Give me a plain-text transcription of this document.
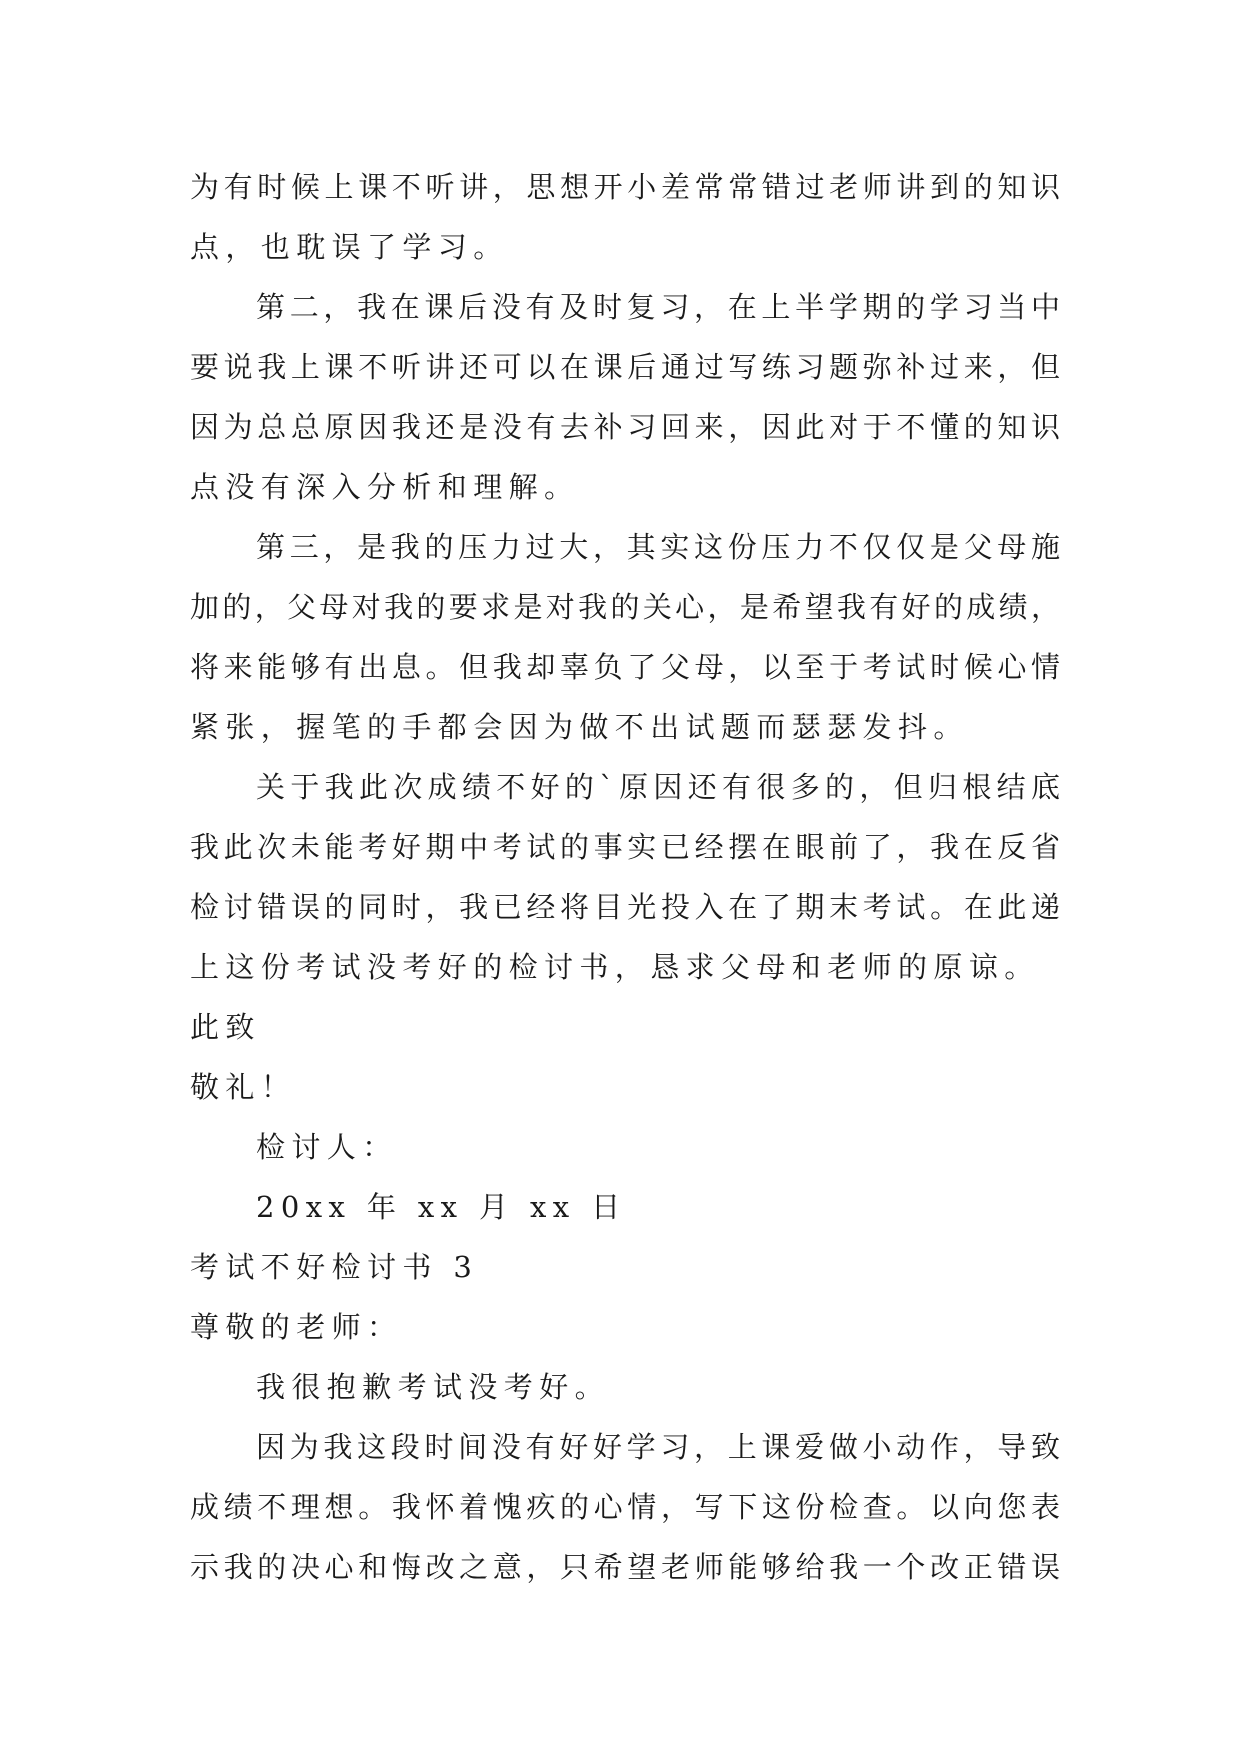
为有时候上课不听讲，思想开小差常常错过老师讲到的知识
点，也耽误了学习。
第二，我在课后没有及时复习，在上半学期的学习当中
要说我上课不听讲还可以在课后通过写练习题弥补过来，但
因为总总原因我还是没有去补习回来，因此对于不懂的知识
点没有深入分析和理解。
第三，是我的压力过大，其实这份压力不仅仅是父母施
加的，父母对我的要求是对我的关心，是希望我有好的成绩，
将来能够有出息。但我却辜负了父母，以至于考试时候心情
紧张，握笔的手都会因为做不出试题而瑟瑟发抖。
关于我此次成绩不好的`原因还有很多的，但归根结底
我此次未能考好期中考试的事实已经摆在眼前了，我在反省
检讨错误的同时，我已经将目光投入在了期末考试。在此递
上这份考试没考好的检讨书，恳求父母和老师的原谅。
此致
敬礼！
检讨人：
20xx 年 xx 月 xx 日
考试不好检讨书 3
尊敬的老师：
我很抱歉考试没考好。
因为我这段时间没有好好学习，上课爱做小动作，导致
成绩不理想。我怀着愧疚的心情，写下这份检查。以向您表
示我的决心和悔改之意，只希望老师能够给我一个改正错误
